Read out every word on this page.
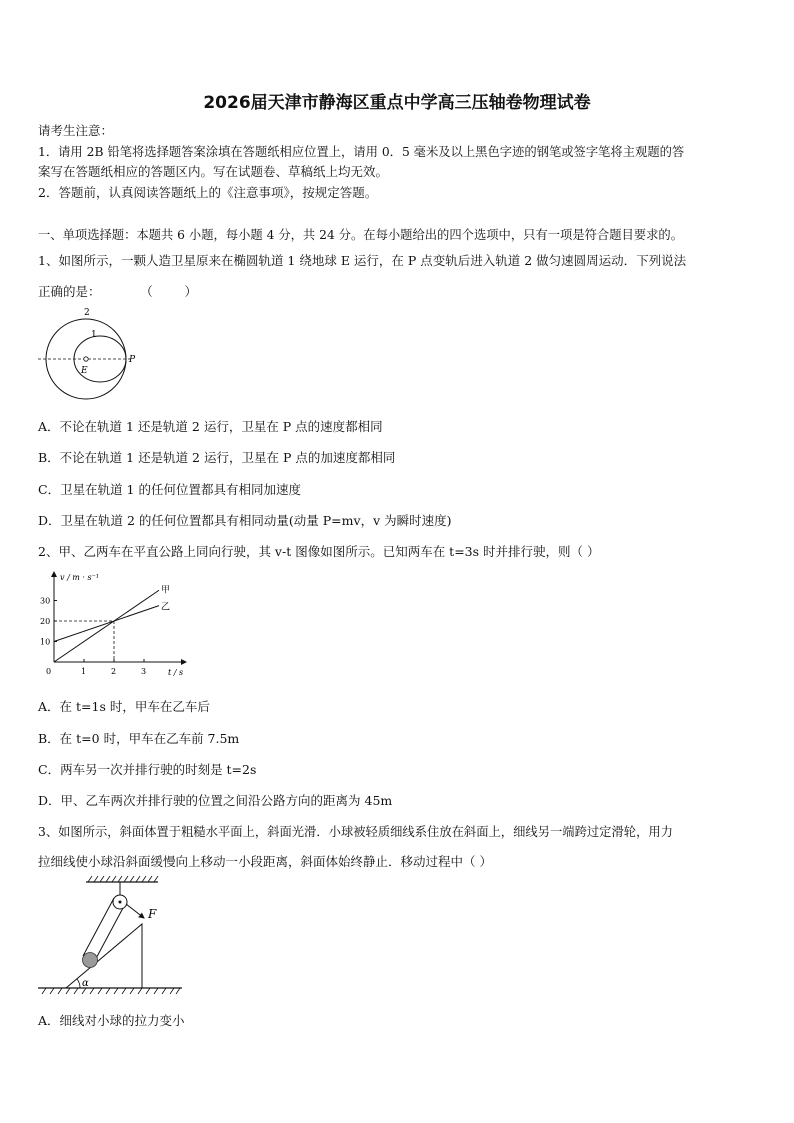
2026届天津市静海区重点中学高三压轴卷物理试卷
请考生注意：
1．请用 2B 铅笔将选择题答案涂填在答题纸相应位置上，请用 0．5 毫米及以上黑色字迹的钢笔或签字笔将主观题的答
案写在答题纸相应的答题区内。写在试题卷、草稿纸上均无效。
2．答题前，认真阅读答题纸上的《注意事项》，按规定答题。
一、单项选择题：本题共 6 小题，每小题 4 分，共 24 分。在每小题给出的四个选项中，只有一项是符合题目要求的。
1、如图所示，一颗人造卫星原来在椭圆轨道 1 绕地球 E 运行，在 P 点变轨后进入轨道 2 做匀速圆周运动．下列说法
正确的是：          （        ）
2
1
E
P
A．不论在轨道 1 还是轨道 2 运行，卫星在 P 点的速度都相同
B．不论在轨道 1 还是轨道 2 运行，卫星在 P 点的加速度都相同
C．卫星在轨道 1 的任何位置都具有相同加速度
D．卫星在轨道 2 的任何位置都具有相同动量(动量 P=mv，v 为瞬时速度)
2、甲、乙两车在平直公路上同向行驶，其 v-t 图像如图所示。已知两车在 t=3s 时并排行驶，则（ ）
v / m · s⁻¹
t / s
0	1	2	3
10
20
30
甲
乙
A．在 t=1s 时，甲车在乙车后
B．在 t=0 时，甲车在乙车前 7.5m
C．两车另一次并排行驶的时刻是 t=2s
D．甲、乙车两次并排行驶的位置之间沿公路方向的距离为 45m
3、如图所示，斜面体置于粗糙水平面上，斜面光滑．小球被轻质细线系住放在斜面上，细线另一端跨过定滑轮，用力
拉细线使小球沿斜面缓慢向上移动一小段距离，斜面体始终静止．移动过程中（ ）
F
α
A．细线对小球的拉力变小
